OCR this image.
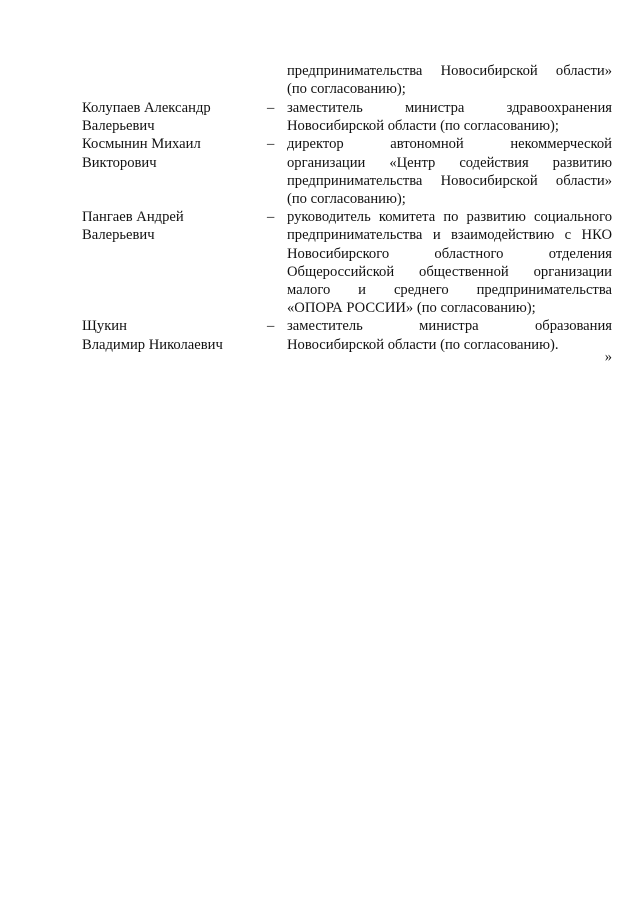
предпринимательства Новосибирской области»
(по согласованию);
Колупаев Александр
Валерьевич
– заместитель министра здравоохранения
Новосибирской области (по согласованию);
Космынин Михаил
Викторович
– директор автономной некоммерческой
организации «Центр содействия развитию
предпринимательства Новосибирской области»
(по согласованию);
Пангаев Андрей
Валерьевич
– руководитель комитета по развитию социального
предпринимательства и взаимодействию с НКО
Новосибирского областного отделения
Общероссийской общественной организации
малого и среднего предпринимательства
«ОПОРА РОССИИ» (по согласованию);
Щукин
Владимир Николаевич
– заместитель министра образования
Новосибирской области (по согласованию).
»
